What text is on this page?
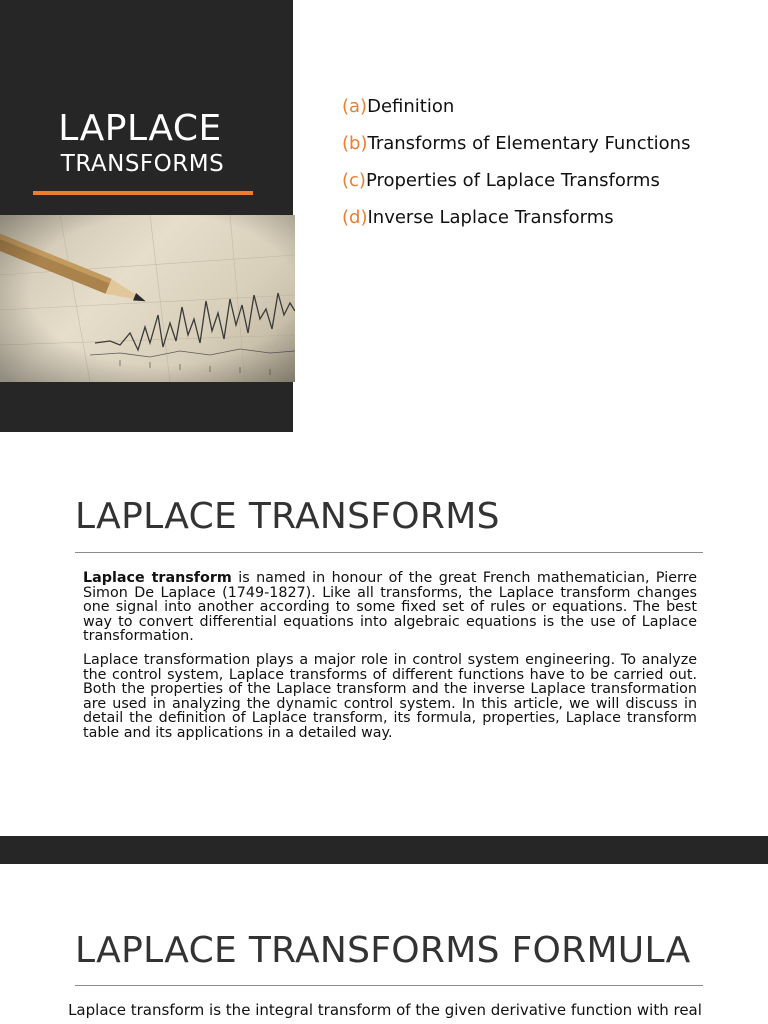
LAPLACE
TRANSFORMS
(a)Definition
(b)Transforms of Elementary Functions
(c)Properties of Laplace Transforms
(d)Inverse Laplace Transforms
LAPLACE TRANSFORMS
Laplace transform is named in honour of the great French mathematician, Pierre Simon De Laplace (1749-1827). Like all transforms, the Laplace transform changes one signal into another according to some fixed set of rules or equations. The best way to convert differential equations into algebraic equations is the use of Laplace transformation.
Laplace transformation plays a major role in control system engineering. To analyze the control system, Laplace transforms of different functions have to be carried out. Both the properties of the Laplace transform and the inverse Laplace transformation are used in analyzing the dynamic control system. In this article, we will discuss in detail the definition of Laplace transform, its formula, properties, Laplace transform table and its applications in a detailed way.
LAPLACE TRANSFORMS FORMULA
Laplace transform is the integral transform of the given derivative function with real
